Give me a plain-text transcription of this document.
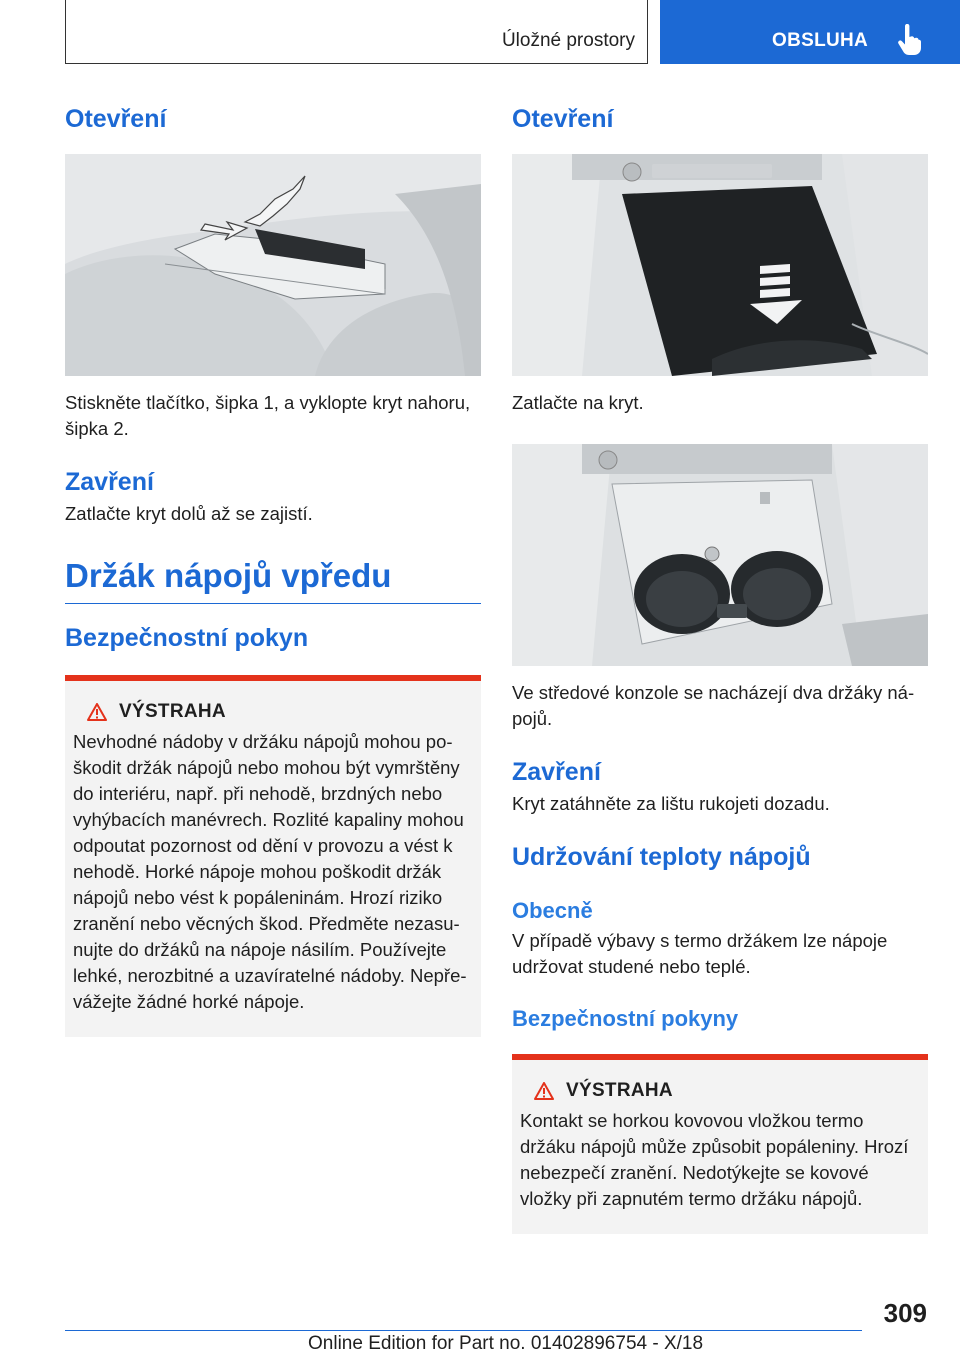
Úložné prostory	OBSLUHA
Otevření

Stiskněte tlačítko, šipka 1, a vyklopte kryt nahoru, šipka 2.

Zavření

Zatlačte kryt dolů až se zajistí.

Držák nápojů vpředu
Bezpečnostní pokyn
VÝSTRAHA

Nevhodné nádoby v držáku nápojů mohou poškodit držák nápojů nebo mohou být vymrštěny do interiéru, např. při nehodě, brzdných nebo vyhýbacích manévrech. Rozlité kapaliny mohou odpoutat pozornost od dění v provozu a vést k nehodě. Horké nápoje mohou poškodit držák nápojů nebo vést k popáleninám. Hrozí riziko zranění nebo věcných škod. Předměte nezasunujte do držáků na nápoje násilím. Používejte lehké, nerozbitné a uzavíratelné nádoby. Nepřevážejte žádné horké nápoje.

Otevření

Zatlačte na kryt.

Ve středové konzole se nacházejí dva držáky nápojů.

Zavření

Kryt zatáhněte za lištu rukojeti dozadu.

Udržování teploty nápojů
Obecně

V případě výbavy s termo držákem lze nápoje udržovat studené nebo teplé.

Bezpečnostní pokyny
VÝSTRAHA

Kontakt se horkou kovovou vložkou termo držáku nápojů může způsobit popáleniny. Hrozí nebezpečí zranění. Nedotýkejte se kovové vložky při zapnutém termo držáku nápojů.

309
Online Edition for Part no. 01402896754 - X/18
